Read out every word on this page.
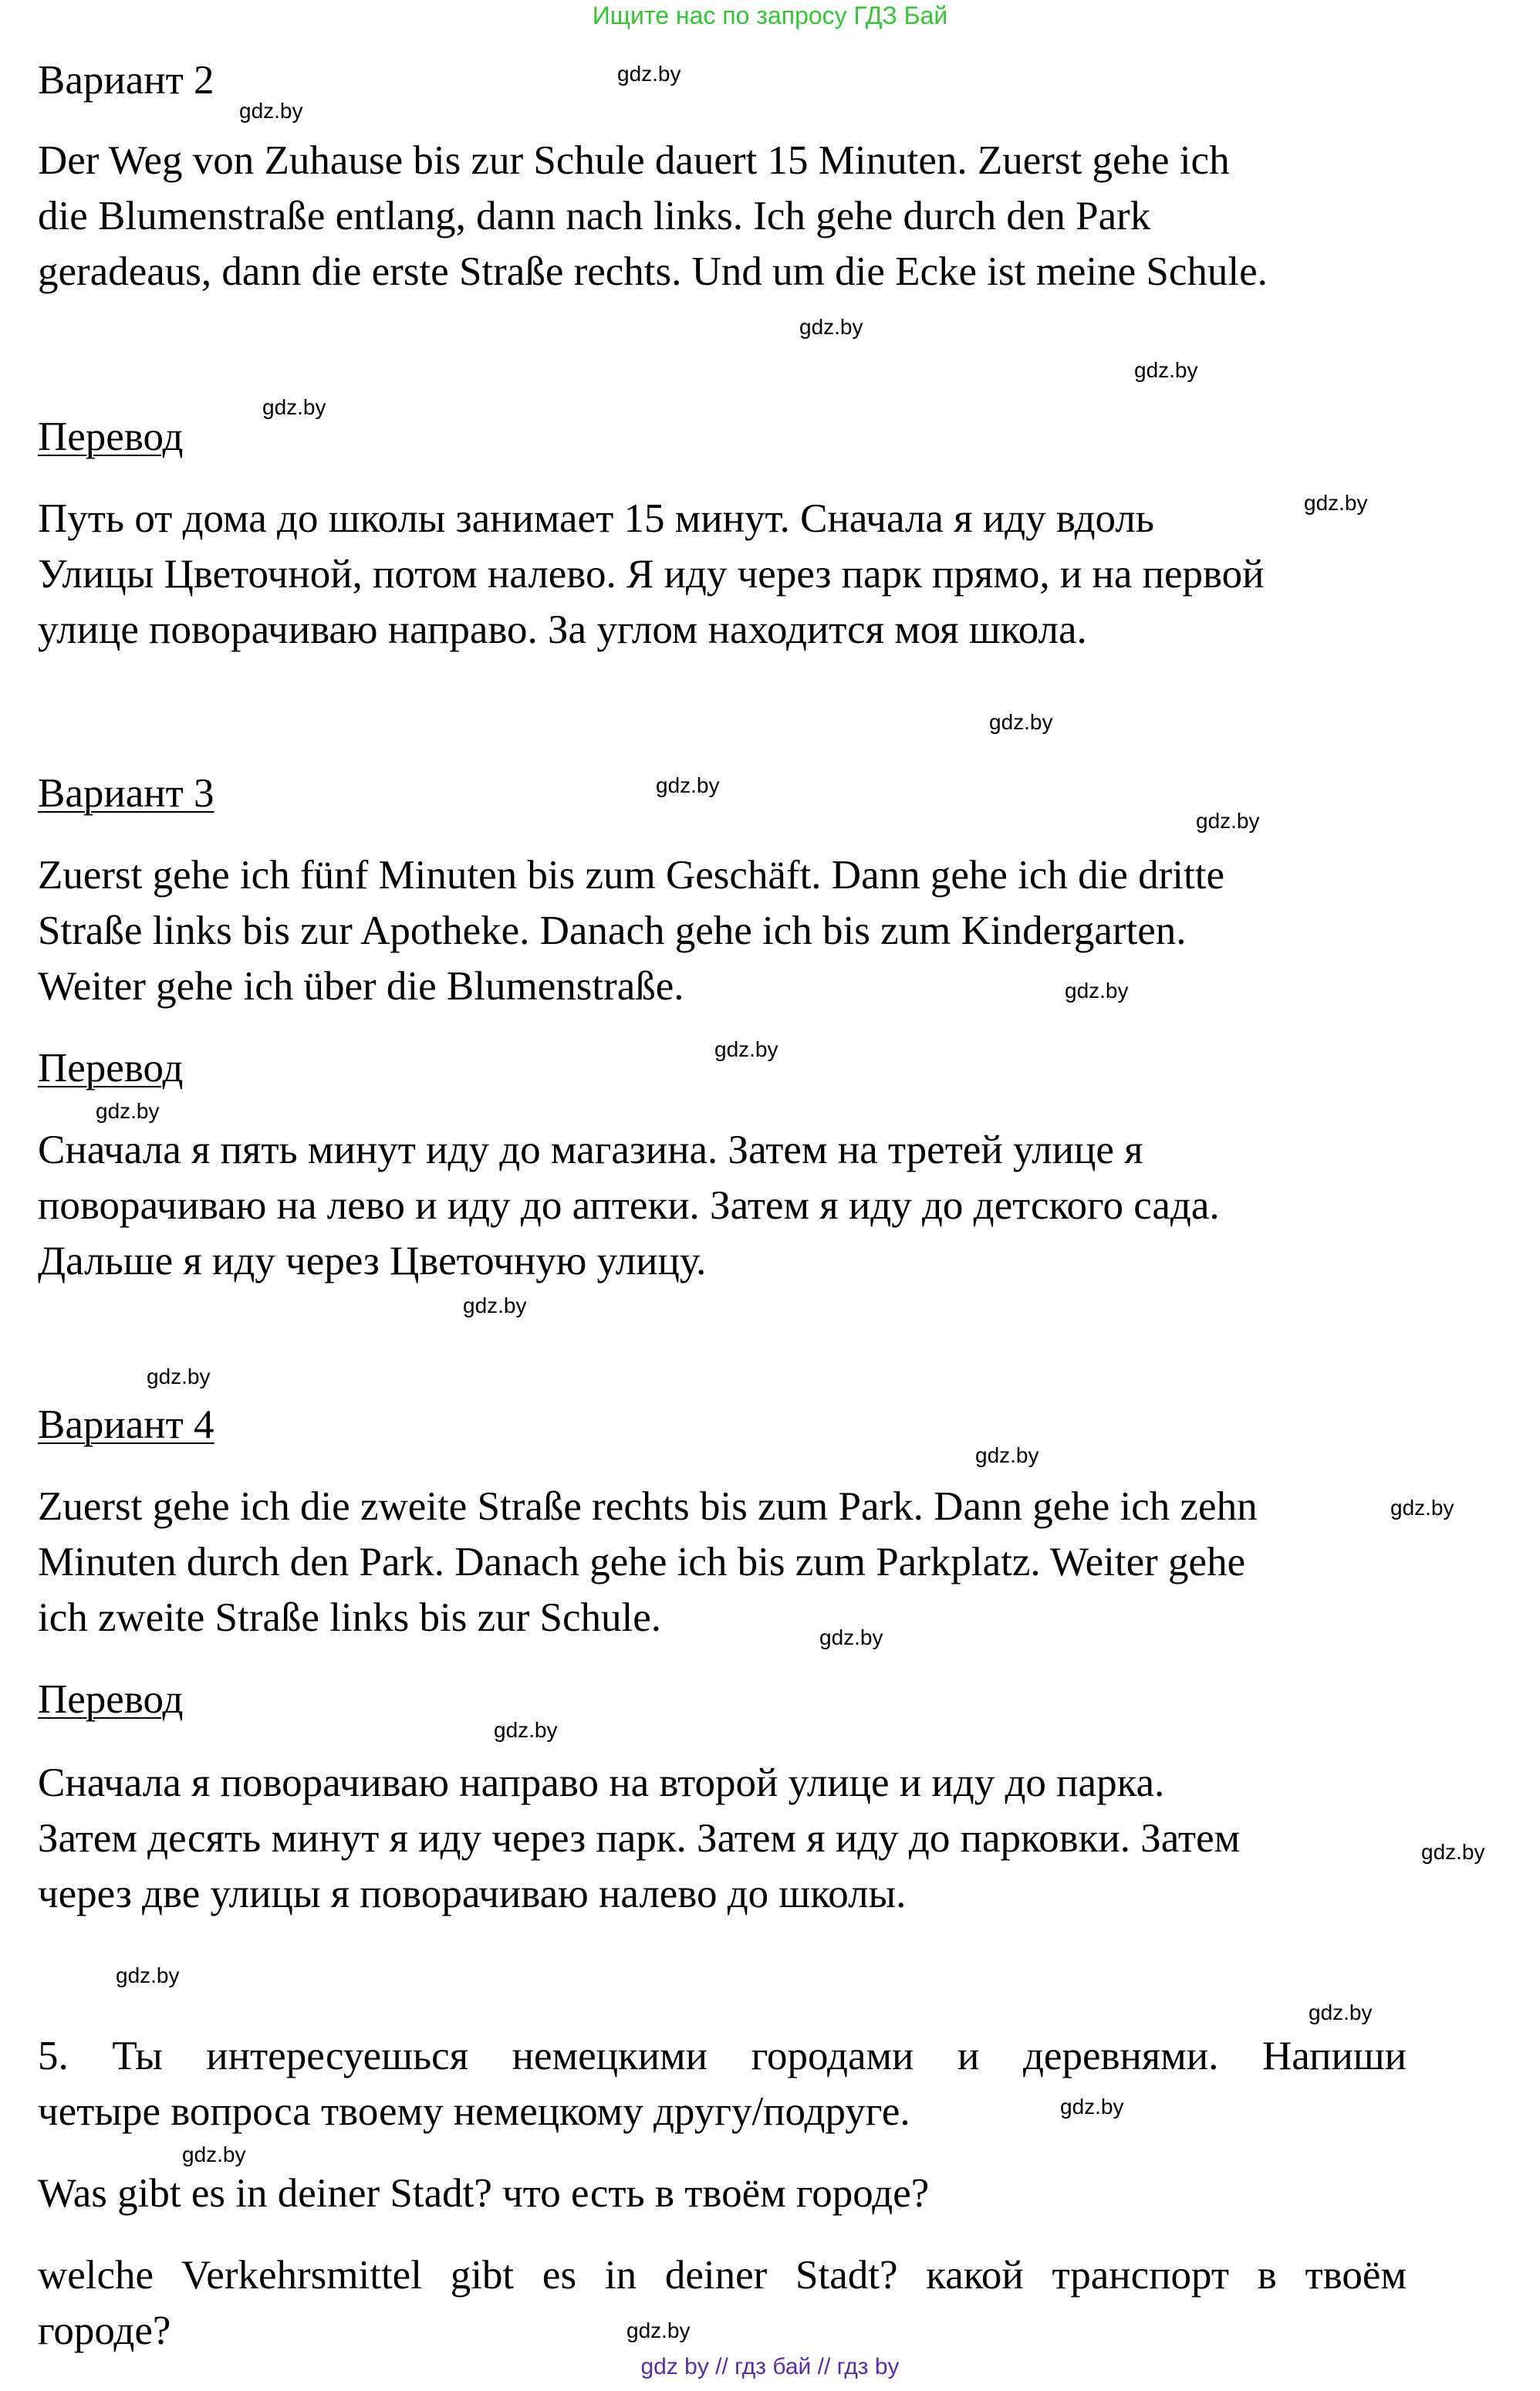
Ищите нас по запросу ГДЗ Бай
Вариант 2
Der Weg von Zuhause bis zur Schule dauert 15 Minuten. Zuerst gehe ich
die Blumenstraße entlang, dann nach links. Ich gehe durch den Park
geradeaus, dann die erste Straße rechts. Und um die Ecke ist meine Schule.
Перевод
Путь от дома до школы занимает 15 минут. Сначала я иду вдоль
Улицы Цветочной, потом налево. Я иду через парк прямо, и на первой
улице поворачиваю направо. За углом находится моя школа.
Вариант 3
Zuerst gehe ich fünf Minuten bis zum Geschäft. Dann gehe ich die dritte
Straße links bis zur Apotheke. Danach gehe ich bis zum Kindergarten.
Weiter gehe ich über die Blumenstraße.
Перевод
Сначала я пять минут иду до магазина. Затем на третей улице я
поворачиваю на лево и иду до аптеки. Затем я иду до детского сада.
Дальше я иду через Цветочную улицу.
Вариант 4
Zuerst gehe ich die zweite Straße rechts bis zum Park. Dann gehe ich zehn
Minuten durch den Park. Danach gehe ich bis zum Parkplatz. Weiter gehe
ich zweite Straße links bis zur Schule.
Перевод
Сначала я поворачиваю направо на второй улице и иду до парка.
Затем десять минут я иду через парк. Затем я иду до парковки. Затем
через две улицы я поворачиваю налево до школы.
5. Ты интересуешься немецкими городами и деревнями. Напиши
четыре вопроса твоему немецкому другу/подруге.
Was gibt es in deiner Stadt? что есть в твоём городе?
welche Verkehrsmittel gibt es in deiner Stadt? какой транспорт в твоём
городе?
gdz.by
gdz.by
gdz.by
gdz.by
gdz.by
gdz.by
gdz.by
gdz.by
gdz.by
gdz.by
gdz.by
gdz.by
gdz.by
gdz.by
gdz.by
gdz.by
gdz.by
gdz.by
gdz.by
gdz.by
gdz.by
gdz.by
gdz.by
gdz.by
gdz by // гдз бай // гдз by
